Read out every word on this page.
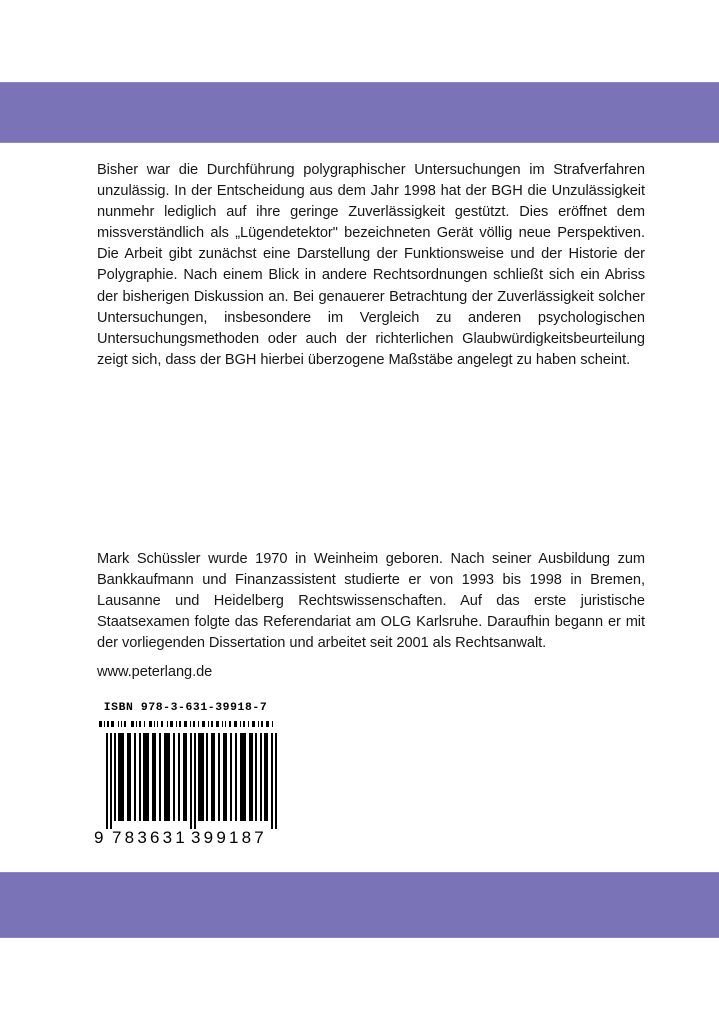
Bisher war die Durchführung polygraphischer Untersuchungen im Strafverfahren unzulässig. In der Entscheidung aus dem Jahr 1998 hat der BGH die Unzulässigkeit nunmehr lediglich auf ihre geringe Zuverlässigkeit gestützt. Dies eröffnet dem missverständlich als „Lügendetektor" bezeichneten Gerät völlig neue Perspektiven. Die Arbeit gibt zunächst eine Darstellung der Funktionsweise und der Historie der Polygraphie. Nach einem Blick in andere Rechtsordnungen schließt sich ein Abriss der bisherigen Diskussion an. Bei genauerer Betrachtung der Zuverlässigkeit solcher Untersuchungen, insbesondere im Vergleich zu anderen psychologischen Untersuchungsmethoden oder auch der richterlichen Glaubwürdigkeitsbeurteilung zeigt sich, dass der BGH hierbei überzogene Maßstäbe angelegt zu haben scheint.

Mark Schüssler wurde 1970 in Weinheim geboren. Nach seiner Ausbildung zum Bankkaufmann und Finanzassistent studierte er von 1993 bis 1998 in Bremen, Lausanne und Heidelberg Rechtswissenschaften. Auf das erste juristische Staatsexamen folgte das Referendariat am OLG Karlsruhe. Daraufhin begann er mit der vorliegenden Dissertation und arbeitet seit 2001 als Rechtsanwalt.

www.peterlang.de
ISBN 978-3-631-39918-7
9 783631 399187
